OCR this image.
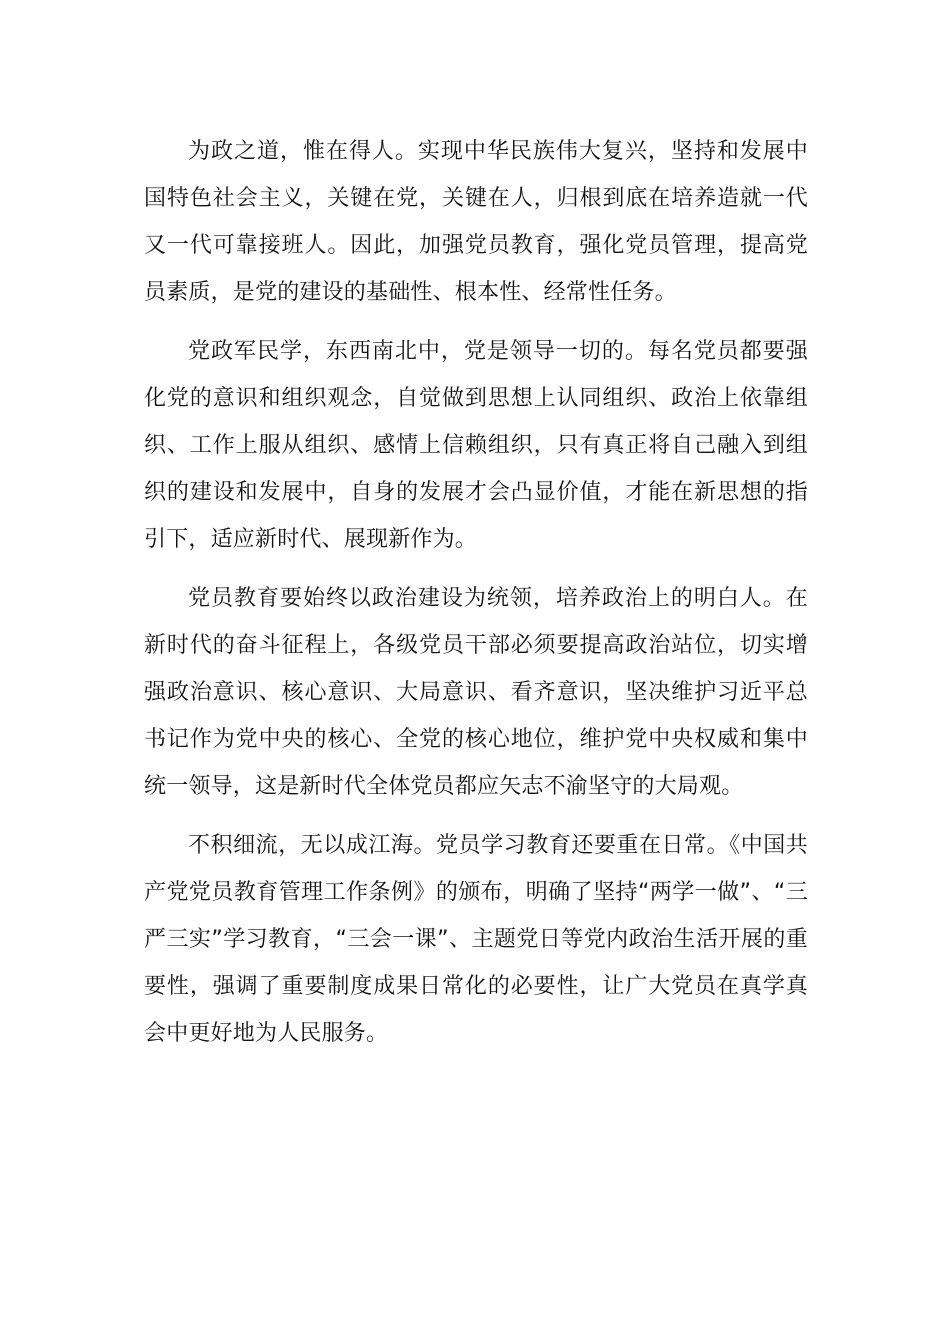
为政之道，惟在得人。实现中华民族伟大复兴，坚持和发展中国特色社会主义，关键在党，关键在人，归根到底在培养造就一代又一代可靠接班人。因此，加强党员教育，强化党员管理，提高党员素质，是党的建设的基础性、根本性、经常性任务。

党政军民学，东西南北中，党是领导一切的。每名党员都要强化党的意识和组织观念，自觉做到思想上认同组织、政治上依靠组织、工作上服从组织、感情上信赖组织，只有真正将自己融入到组织的建设和发展中，自身的发展才会凸显价值，才能在新思想的指引下，适应新时代、展现新作为。

党员教育要始终以政治建设为统领，培养政治上的明白人。在新时代的奋斗征程上，各级党员干部必须要提高政治站位，切实增强政治意识、核心意识、大局意识、看齐意识，坚决维护习近平总书记作为党中央的核心、全党的核心地位，维护党中央权威和集中统一领导，这是新时代全体党员都应矢志不渝坚守的大局观。

不积细流，无以成江海。党员学习教育还要重在日常。《中国共产党党员教育管理工作条例》的颁布，明确了坚持“两学一做”、“三严三实”学习教育，“三会一课”、主题党日等党内政治生活开展的重要性，强调了重要制度成果日常化的必要性，让广大党员在真学真会中更好地为人民服务。
